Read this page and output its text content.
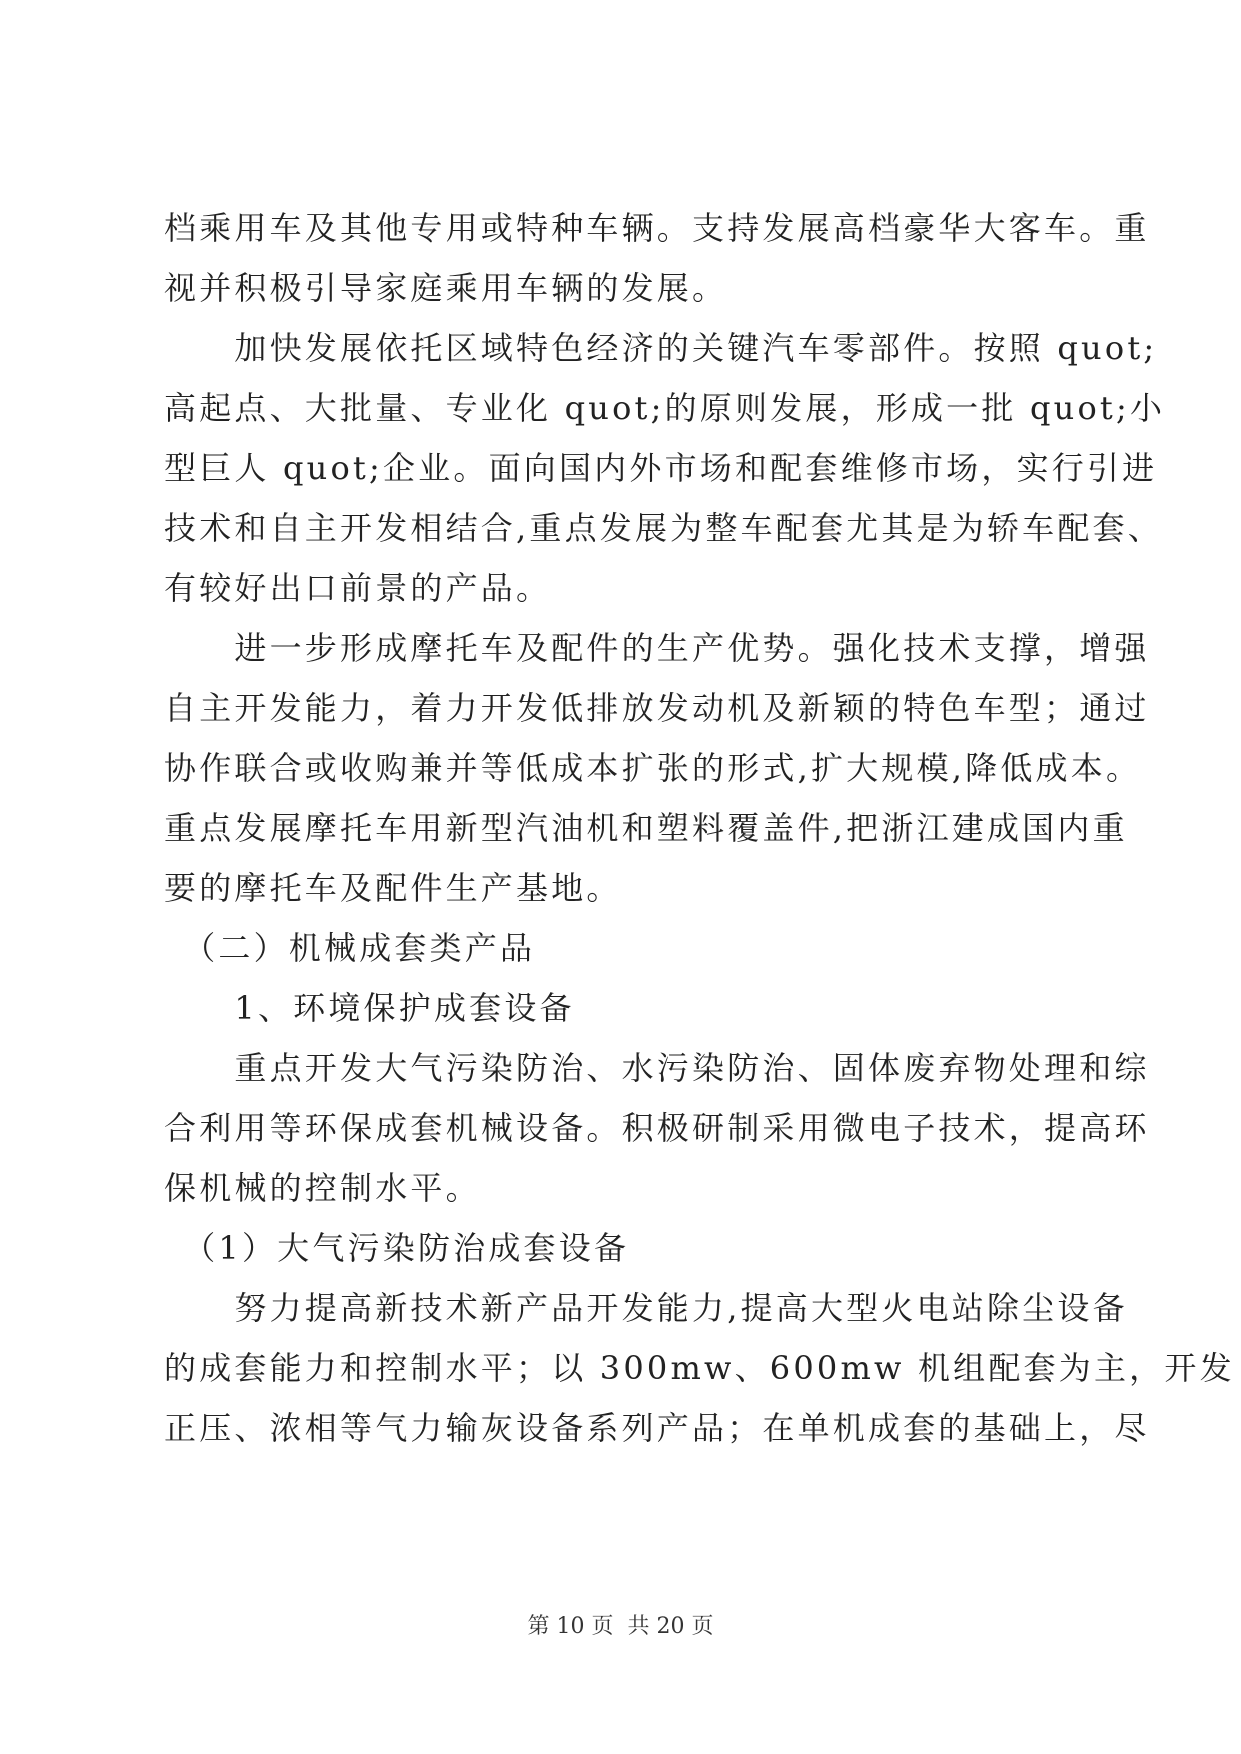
档乘用车及其他专用或特种车辆。支持发展高档豪华大客车。重
视并积极引导家庭乘用车辆的发展。
　　加快发展依托区域特色经济的关键汽车零部件。按照 quot;
高起点、大批量、专业化 quot;的原则发展，形成一批 quot;小
型巨人 quot;企业。面向国内外市场和配套维修市场，实行引进
技术和自主开发相结合,重点发展为整车配套尤其是为轿车配套、
有较好出口前景的产品。
　　进一步形成摩托车及配件的生产优势。强化技术支撑，增强
自主开发能力，着力开发低排放发动机及新颖的特色车型；通过
协作联合或收购兼并等低成本扩张的形式,扩大规模,降低成本。
重点发展摩托车用新型汽油机和塑料覆盖件,把浙江建成国内重
要的摩托车及配件生产基地。
　（二）机械成套类产品
　　1、环境保护成套设备
　　重点开发大气污染防治、水污染防治、固体废弃物处理和综
合利用等环保成套机械设备。积极研制采用微电子技术，提高环
保机械的控制水平。
　（1）大气污染防治成套设备
　　努力提高新技术新产品开发能力,提高大型火电站除尘设备
的成套能力和控制水平；以 300mw、600mw 机组配套为主，开发
正压、浓相等气力输灰设备系列产品；在单机成套的基础上，尽
第 10 页  共 20 页
